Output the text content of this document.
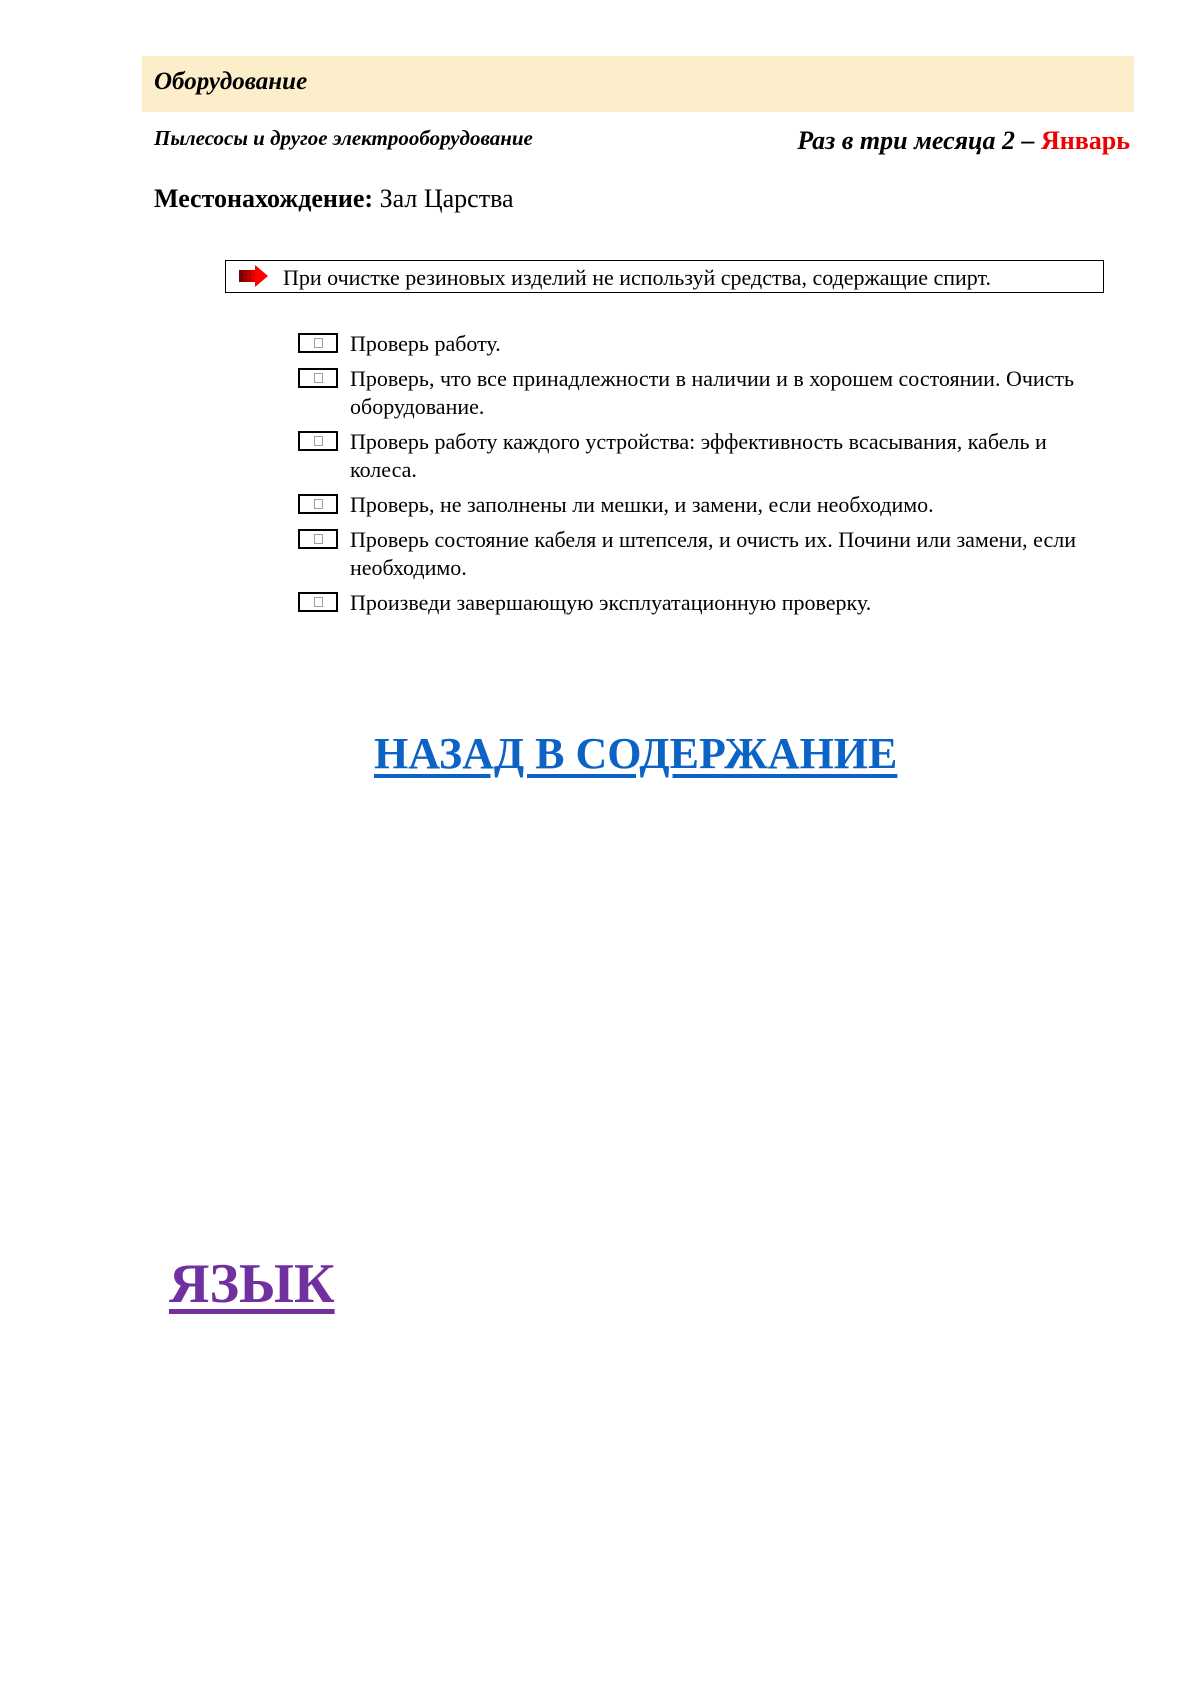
Оборудование
Пылесосы и другое электрооборудование	Раз в три месяца 2 – Январь
Местонахождение: Зал Царства
При очистке резиновых изделий не используй средства, содержащие спирт.
Проверь работу.
Проверь, что все принадлежности в наличии и в хорошем состоянии. Очисть оборудование.
Проверь работу каждого устройства: эффективность всасывания, кабель и колеса.
Проверь, не заполнены ли мешки, и замени, если необходимо.
Проверь состояние кабеля и штепселя, и очисть их. Почини или замени, если необходимо.
Произведи завершающую эксплуатационную проверку.
НАЗАД В СОДЕРЖАНИЕ
ЯЗЫК
